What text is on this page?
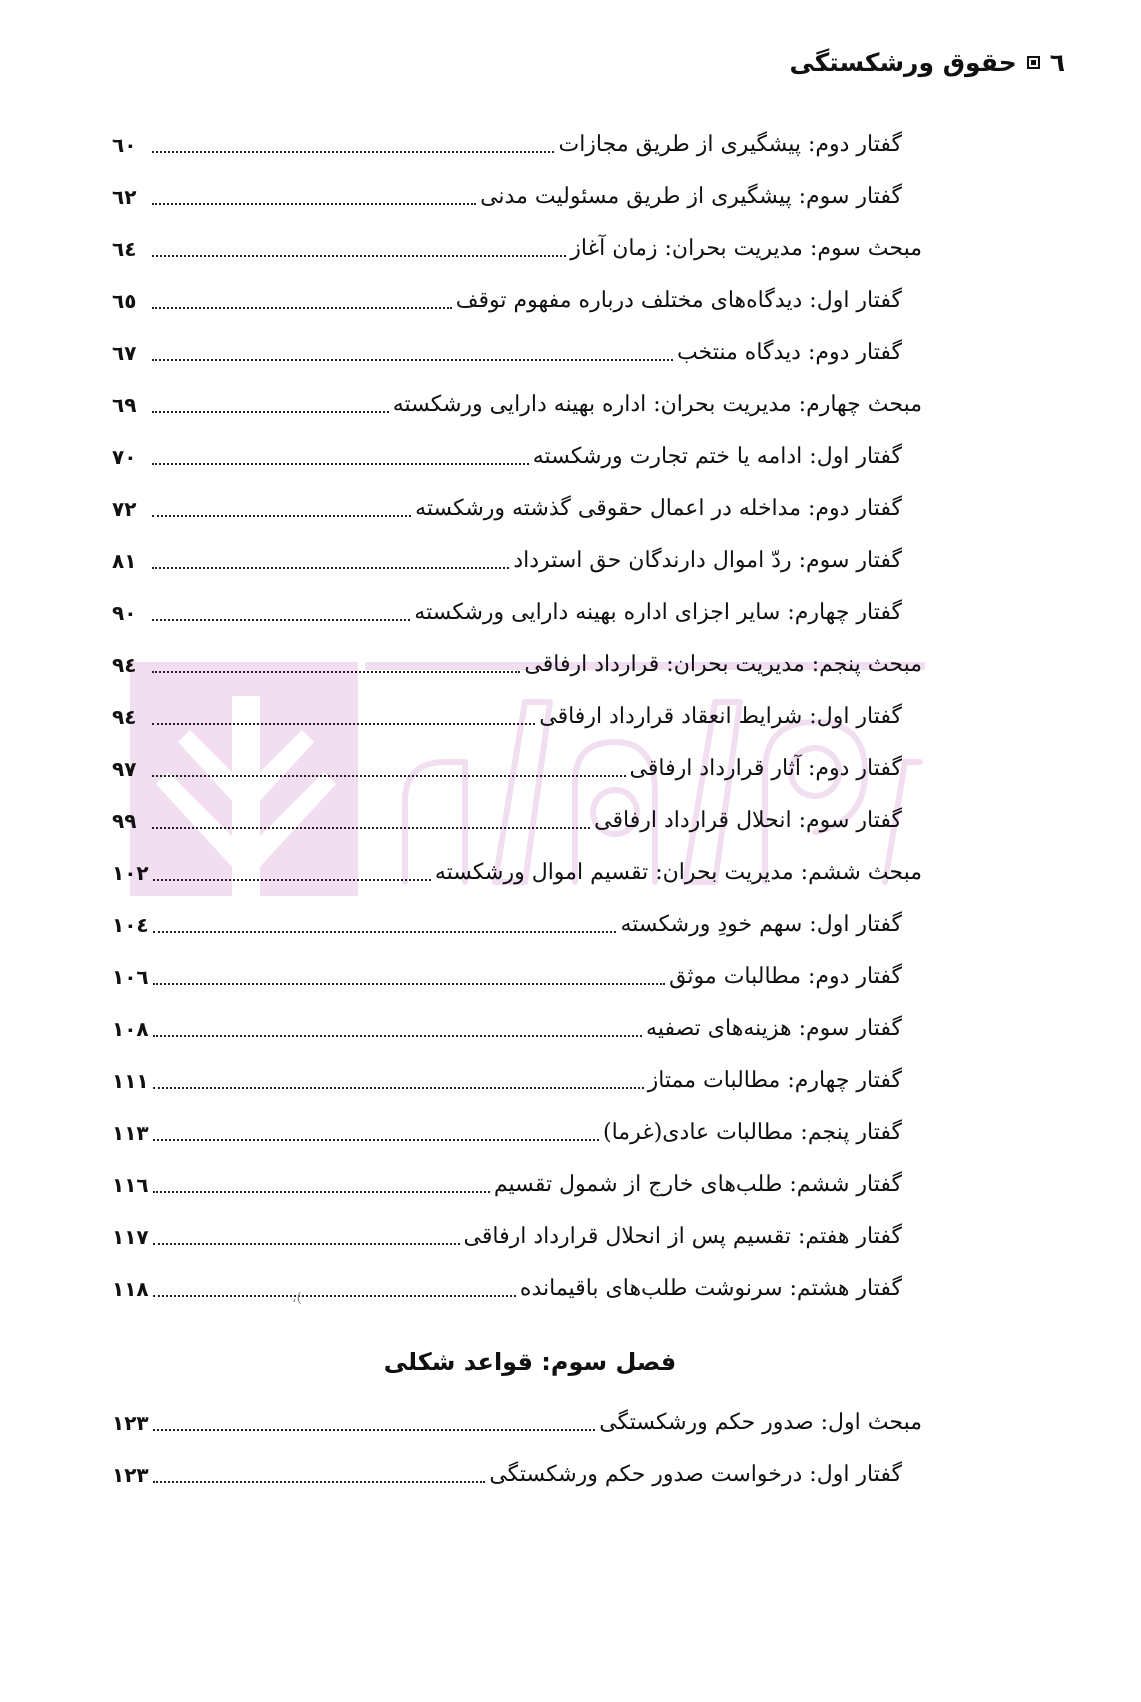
٦
حقوق ورشکستگی
گفتار دوم: پیشگیری از طریق مجازات
٦٠
گفتار سوم: پیشگیری از طریق مسئولیت مدنی
٦٢
مبحث سوم: مدیریت بحران: زمان آغاز
٦٤
گفتار اول: دیدگاه‌های مختلف درباره مفهوم توقف
٦٥
گفتار دوم: دیدگاه منتخب
٦٧
مبحث چهارم: مدیریت بحران: اداره بهینه دارایی ورشکسته
٦٩
گفتار اول: ادامه یا ختم تجارت ورشکسته
٧٠
گفتار دوم: مداخله در اعمال حقوقی گذشته ورشکسته
٧٢
گفتار سوم: ردّ اموال دارندگان حق استرداد
٨١
گفتار چهارم: سایر اجزای اداره بهینه دارایی ورشکسته
٩٠
مبحث پنجم: مدیریت بحران: قرارداد ارفاقی
٩٤
گفتار اول: شرایط انعقاد قرارداد ارفاقی
٩٤
گفتار دوم: آثار قرارداد ارفاقی
٩٧
گفتار سوم: انحلال قرارداد ارفاقی
٩٩
مبحث ششم: مدیریت بحران: تقسیم اموال ورشکسته
١٠٢
گفتار اول: سهم خودِ ورشکسته
١٠٤
گفتار دوم: مطالبات موثق
١٠٦
گفتار سوم: هزینه‌های تصفیه
١٠٨
گفتار چهارم: مطالبات ممتاز
١١١
گفتار پنجم: مطالبات عادی(غرما)
١١٣
گفتار ششم: طلب‌های خارج از شمول تقسیم
١١٦
گفتار هفتم: تقسیم پس از انحلال قرارداد ارفاقی
١١٧
گفتار هشتم: سرنوشت طلب‌های باقیمانده
١١٨	،(
فصل سوم: قواعد شکلی
مبحث اول: صدور حکم ورشکستگی
١٢٣
گفتار اول: درخواست صدور حکم ورشکستگی
١٢٣
